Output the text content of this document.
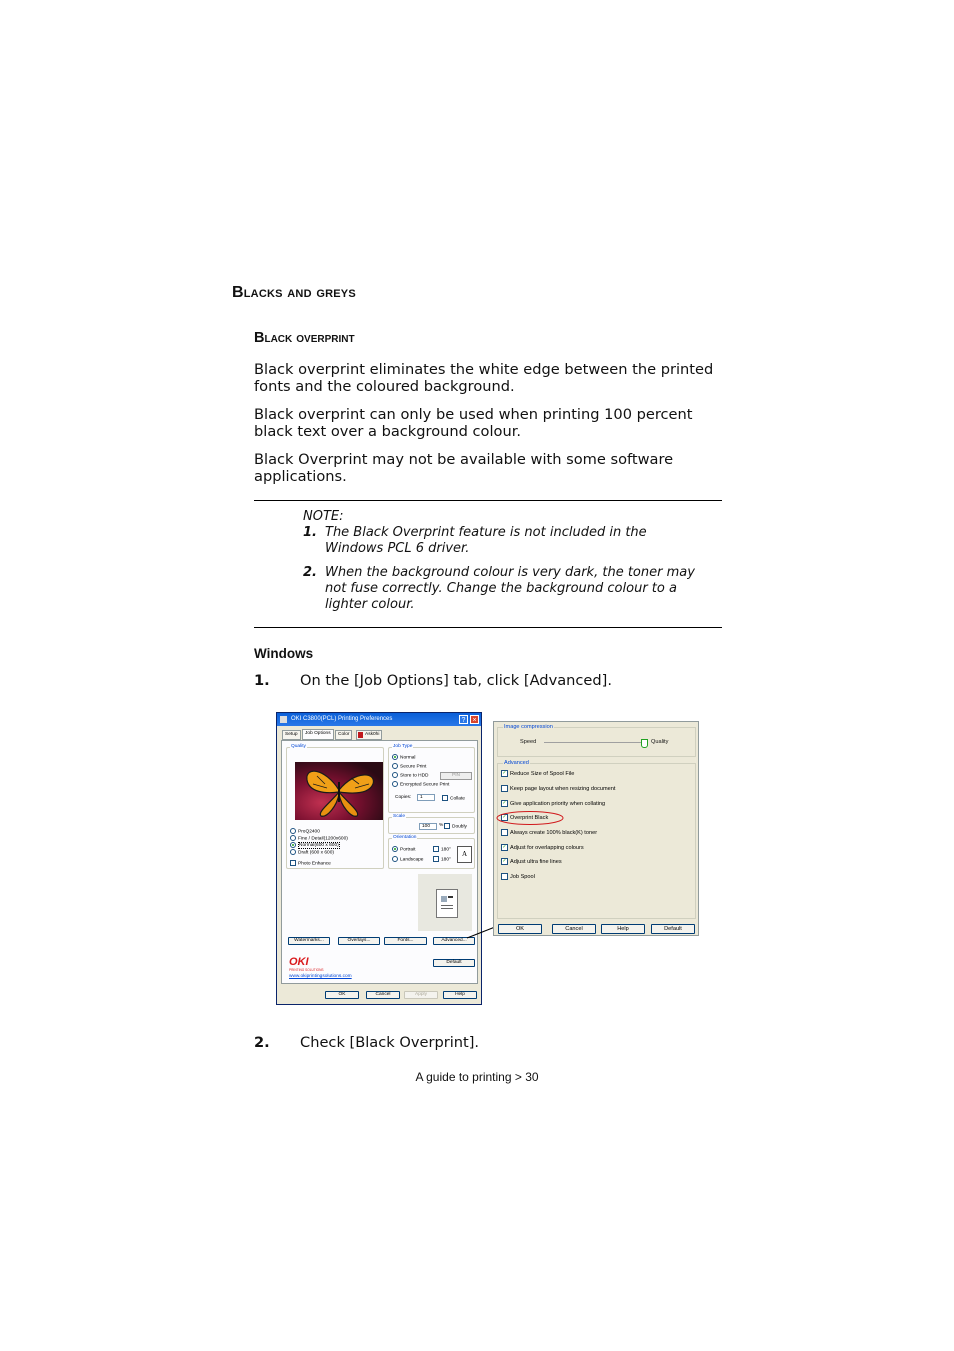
Blacks and greys
Black overprint
Black overprint eliminates the white edge between the printed fonts and the coloured background.
Black overprint can only be used when printing 100 percent black text over a background colour.
Black Overprint may not be available with some software applications.
NOTE:
1. The Black Overprint feature is not included in the Windows PCL 6 driver.
2. When the background colour is very dark, the toner may not fuse correctly. Change the background colour to a lighter colour.
Windows
1. On the [Job Options] tab, click [Advanced].
OKI C3800(PCL) Printing Preferences	?	×
Setup	Job Options	Color	Ask0hi
Quality
ProQ2400
Fine / Detail(1200x600)
Normal(600 x 600)
Draft (600 x 600)
Photo Enhance
Job Type
Normal
Secure Print
Store to HDD	PIN
Encrypted Secure Print
Copies:	1	Collate
Scale
100	%	Doubly
Orientation
Portrait
Landscape
180°
180°
A
Watermarks...	Overlays...	Fonts...	Advanced...
Default
OKI
PRINTING SOLUTIONS
www.okiprintingsolutions.com
OK	Cancel	Apply	Help
Image compression
Speed	Quality
Advanced
✓ Reduce Size of Spool File
Keep page layout when resizing document
✓ Give application priority when collating
✓ Overprint Black
Always create 100% black(K) toner
✓ Adjust for overlapping colours
✓ Adjust ultra fine lines
Job Spool
OK	Cancel	Help	Default
2. Check [Black Overprint].
A guide to printing > 30
